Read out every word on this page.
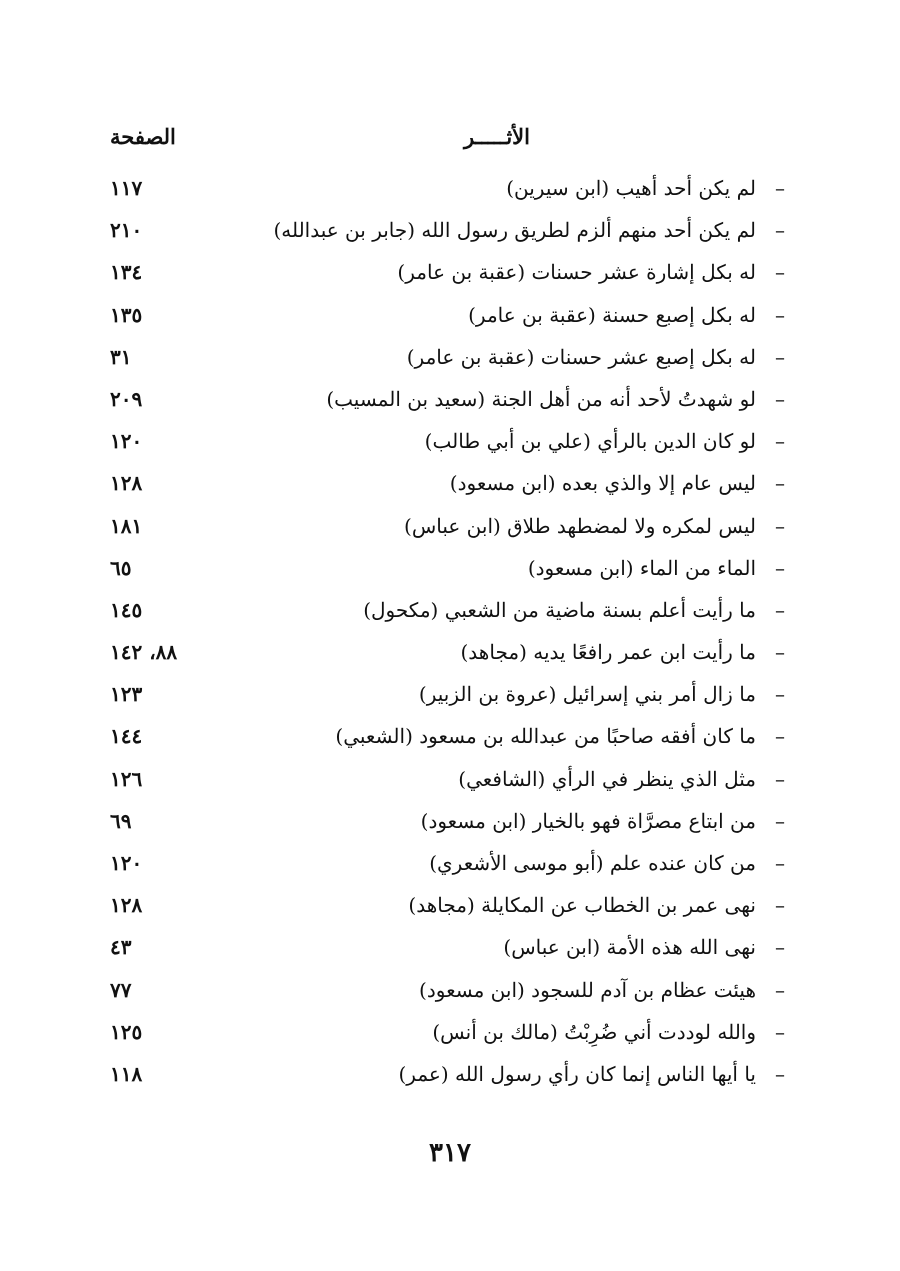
الأثـــــر
الصفحة
–
لم يكن أحد أهيب (ابن سيرين)
١١٧
–
لم يكن أحد منهم ألزم لطريق رسول الله (جابر بن عبدالله)
٢١٠
–
له بكل إشارة عشر حسنات (عقبة بن عامر)
١٣٤
–
له بكل إصبع حسنة (عقبة بن عامر)
١٣٥
–
له بكل إصبع عشر حسنات (عقبة بن عامر)
٣١
–
لو شهدتُ لأحد أنه من أهل الجنة (سعيد بن المسيب)
٢٠٩
–
لو كان الدين بالرأي (علي بن أبي طالب)
١٢٠
–
ليس عام إلا والذي بعده (ابن مسعود)
١٢٨
–
ليس لمكره ولا لمضطهد طلاق (ابن عباس)
١٨١
–
الماء من الماء (ابن مسعود)
٦٥
–
ما رأيت أعلم بسنة ماضية من الشعبي (مكحول)
١٤٥
–
ما رأيت ابن عمر رافعًا يديه (مجاهد)
٨٨، ١٤٢
–
ما زال أمر بني إسرائيل (عروة بن الزبير)
١٢٣
–
ما كان أفقه صاحبًا من عبدالله بن مسعود (الشعبي)
١٤٤
–
مثل الذي ينظر في الرأي (الشافعي)
١٢٦
–
من ابتاع مصرَّاة فهو بالخيار (ابن مسعود)
٦٩
–
من كان عنده علم (أبو موسى الأشعري)
١٢٠
–
نهى عمر بن الخطاب عن المكايلة (مجاهد)
١٢٨
–
نهى الله هذه الأمة (ابن عباس)
٤٣
–
هيئت عظام بن آدم للسجود (ابن مسعود)
٧٧
–
والله لوددت أني ضُرِبْتُ (مالك بن أنس)
١٢٥
–
يا أيها الناس إنما كان رأي رسول الله (عمر)
١١٨
٣١٧
